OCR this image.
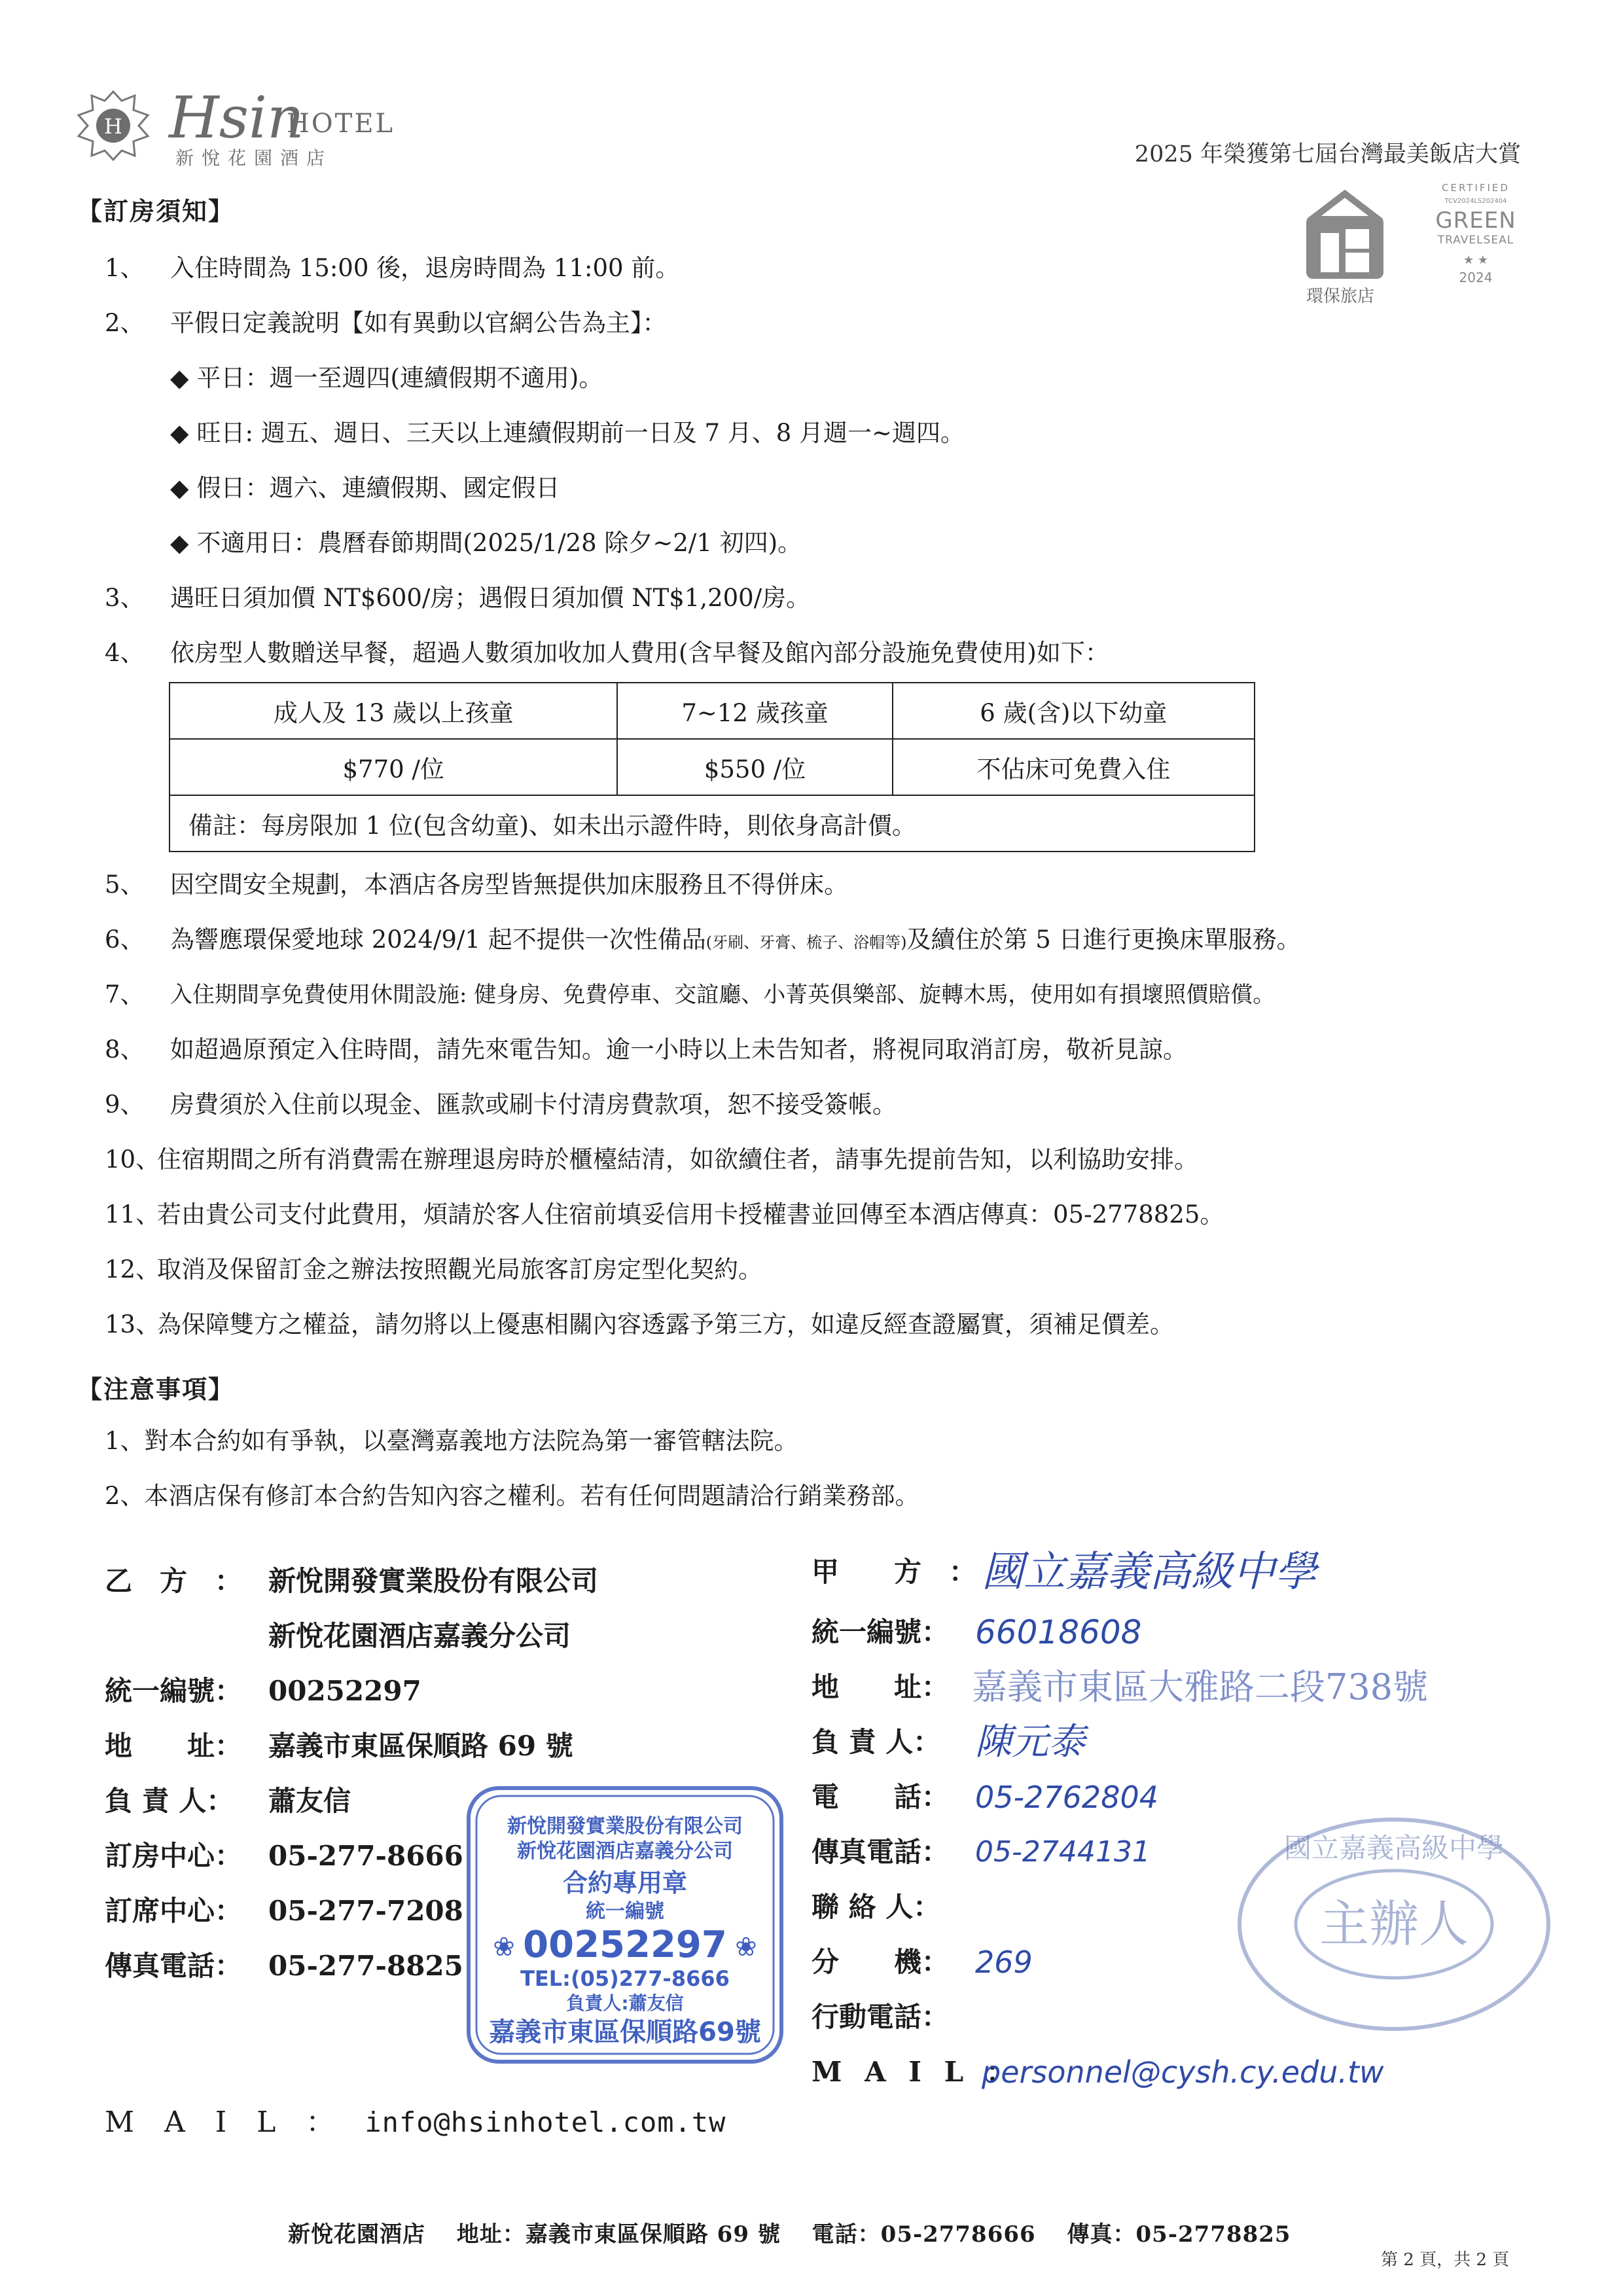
H Hsin
HOTEL
新悅花園酒店	2025 年榮獲第七屆台灣最美飯店大賞
環保旅店
CERTIFIED
TCV2024LS202404
GREEN
TRAVELSEAL
★ ★
2024
【訂房須知】
1、	入住時間為 15:00 後，退房時間為 11:00 前。
2、	平假日定義說明【如有異動以官網公告為主】：
◆ 平日：週一至週四(連續假期不適用)。
◆ 旺日: 週五、週日、三天以上連續假期前一日及 7 月、8 月週一~週四。
◆ 假日：週六、連續假期、國定假日
◆ 不適用日：農曆春節期間(2025/1/28 除夕~2/1 初四)。
3、	遇旺日須加價 NT$600/房；遇假日須加價 NT$1,200/房。
4、	依房型人數贈送早餐，超過人數須加收加人費用(含早餐及館內部分設施免費使用)如下：
成人及 13 歲以上孩童	7~12 歲孩童	6 歲(含)以下幼童
$770 /位	$550 /位	不佔床可免費入住
備註：每房限加 1 位(包含幼童)、如未出示證件時，則依身高計價。		
5、	因空間安全規劃，本酒店各房型皆無提供加床服務且不得併床。
6、	為響應環保愛地球 2024/9/1 起不提供一次性備品(牙刷、牙膏、梳子、浴帽等)及續住於第 5 日進行更換床單服務。
7、	入住期間享免費使用休閒設施: 健身房、免費停車、交誼廳、小菁英俱樂部、旋轉木馬，使用如有損壞照價賠償。
8、	如超過原預定入住時間，請先來電告知。逾一小時以上未告知者，將視同取消訂房，敬祈見諒。
9、	房費須於入住前以現金、匯款或刷卡付清房費款項，恕不接受簽帳。
10、
住宿期間之所有消費需在辦理退房時於櫃檯結清，如欲續住者，請事先提前告知，以利協助安排。
11、
若由貴公司支付此費用，煩請於客人住宿前填妥信用卡授權書並回傳至本酒店傳真：05-2778825。
12、
取消及保留訂金之辦法按照觀光局旅客訂房定型化契約。
13、
為保障雙方之權益，請勿將以上優惠相關內容透露予第三方，如違反經查證屬實，須補足價差。
【注意事項】
1、對本合約如有爭執，以臺灣嘉義地方法院為第一審管轄法院。
2、本酒店保有修訂本合約告知內容之權利。若有任何問題請洽行銷業務部。
乙　方　： 新悅開發實業股份有限公司
新悅花園酒店嘉義分公司
統一編號： 00252297
地　　址： 嘉義市東區保順路 69 號
負 責 人：	蕭友信
訂房中心： 05-277-8666
訂席中心： 05-277-7208
傳真電話： 05-277-8825
M A I L ： info@hsinhotel.com.tw
甲　　方　： 國立嘉義高級中學
統一編號： 66018608
地　　址： 嘉義市東區大雅路二段738號
負 責 人： 陳元泰
電　　話： 05-2762804
傳真電話： 05-2744131
聯 絡 人：
分　　機： 269
行動電話：
M A I L ：
personnel@cysh.cy.edu.tw
新悅開發實業股份有限公司
新悅花園酒店嘉義分公司
合約專用章
統一編號
❀ 00252297 ❀
TEL:(05)277-8666
負責人:蕭友信
嘉義市東區保順路69號
國立嘉義高級中學
主辦人
新悅花園酒店　 地址：嘉義市東區保順路 69 號　 電話：05-2778666　 傳真：05-2778825
第 2 頁，共 2 頁
